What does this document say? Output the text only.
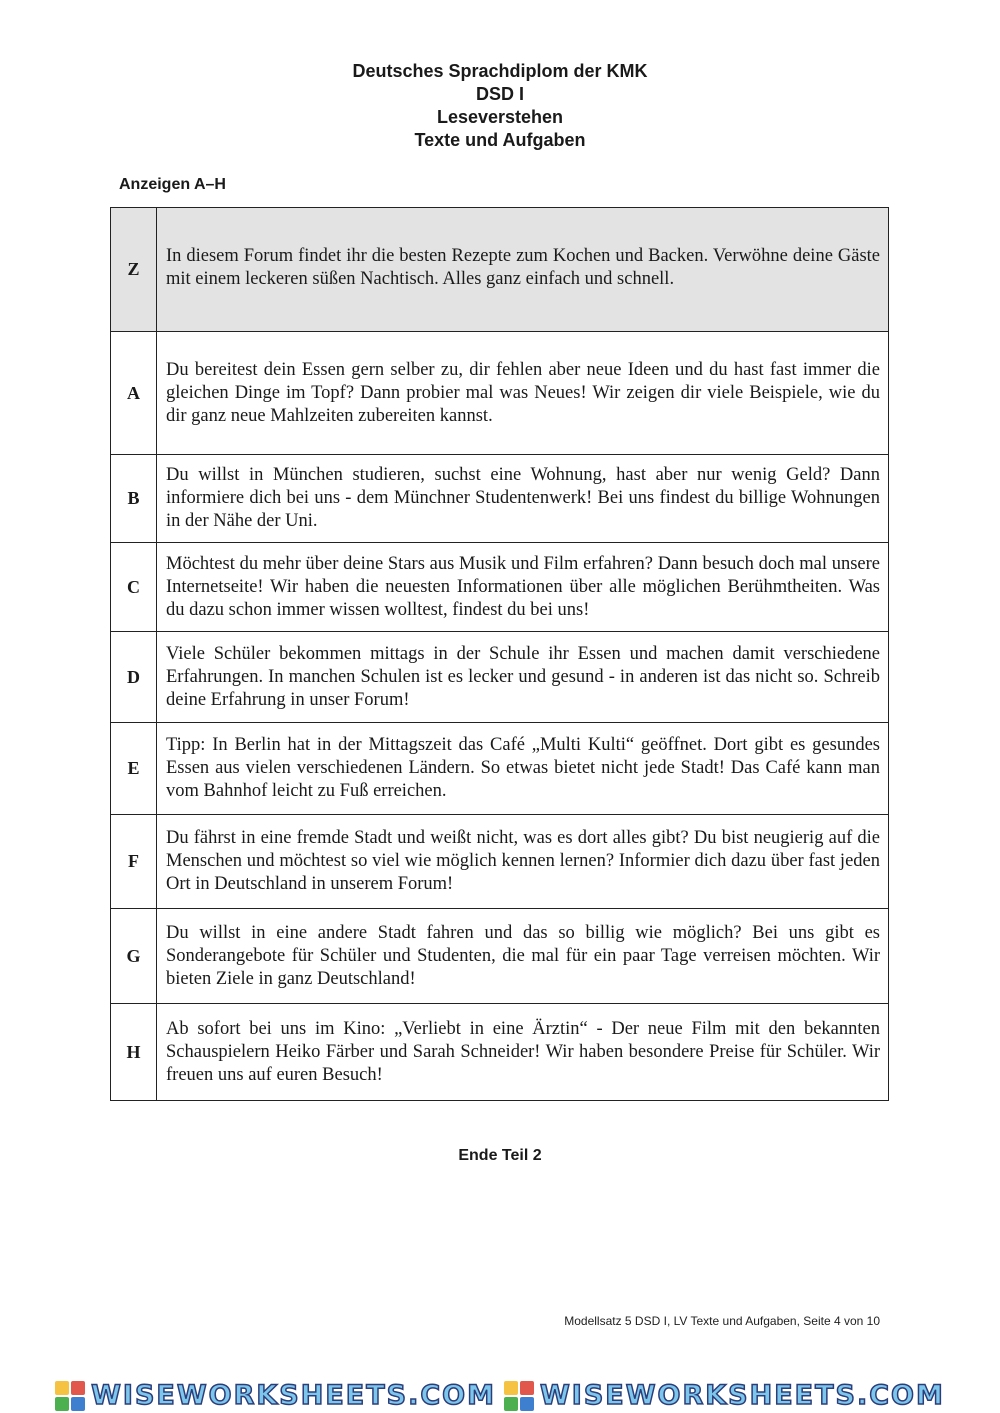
Deutsches Sprachdiplom der KMK
DSD I
Leseverstehen
Texte und Aufgaben
Anzeigen A–H
Z	In diesem Forum findet ihr die besten Rezepte zum Kochen und Backen. Verwöhne deine Gäste mit einem leckeren süßen Nachtisch. Alles ganz einfach und schnell.
A	Du bereitest dein Essen gern selber zu, dir fehlen aber neue Ideen und du hast fast immer die gleichen Dinge im Topf? Dann probier mal was Neues! Wir zeigen dir viele Beispiele, wie du dir ganz neue Mahlzeiten zubereiten kannst.
B	Du willst in München studieren, suchst eine Wohnung, hast aber nur wenig Geld? Dann informiere dich bei uns - dem Münchner Studentenwerk! Bei uns findest du billige Wohnungen in der Nähe der Uni.
C	Möchtest du mehr über deine Stars aus Musik und Film erfahren? Dann besuch doch mal unsere Internetseite! Wir haben die neuesten Informationen über alle möglichen Berühmtheiten. Was du dazu schon immer wissen wolltest, findest du bei uns!
D	Viele Schüler bekommen mittags in der Schule ihr Essen und machen damit verschiedene Erfahrungen. In manchen Schulen ist es lecker und gesund - in anderen ist das nicht so. Schreib deine Erfahrung in unser Forum!
E	Tipp: In Berlin hat in der Mittagszeit das Café „Multi Kulti“ geöffnet. Dort gibt es gesundes Essen aus vielen verschiedenen Ländern. So etwas bietet nicht jede Stadt! Das Café kann man vom Bahnhof leicht zu Fuß erreichen.
F	Du fährst in eine fremde Stadt und weißt nicht, was es dort alles gibt? Du bist neugierig auf die Menschen und möchtest so viel wie möglich kennen lernen? Informier dich dazu über fast jeden Ort in Deutschland in unserem Forum!
G	Du willst in eine andere Stadt fahren und das so billig wie möglich? Bei uns gibt es Sonderangebote für Schüler und Studenten, die mal für ein paar Tage verreisen möchten. Wir bieten Ziele in ganz Deutschland!
H	Ab sofort bei uns im Kino: „Verliebt in eine Ärztin“ - Der neue Film mit den bekannten Schauspielern Heiko Färber und Sarah Schneider! Wir haben besondere Preise für Schüler. Wir freuen uns auf euren Besuch!
Ende Teil 2
Modellsatz 5 DSD I, LV Texte und Aufgaben, Seite 4 von 10
WISEWORKSHEETS.COM WISEWORKSHEETS.COM
